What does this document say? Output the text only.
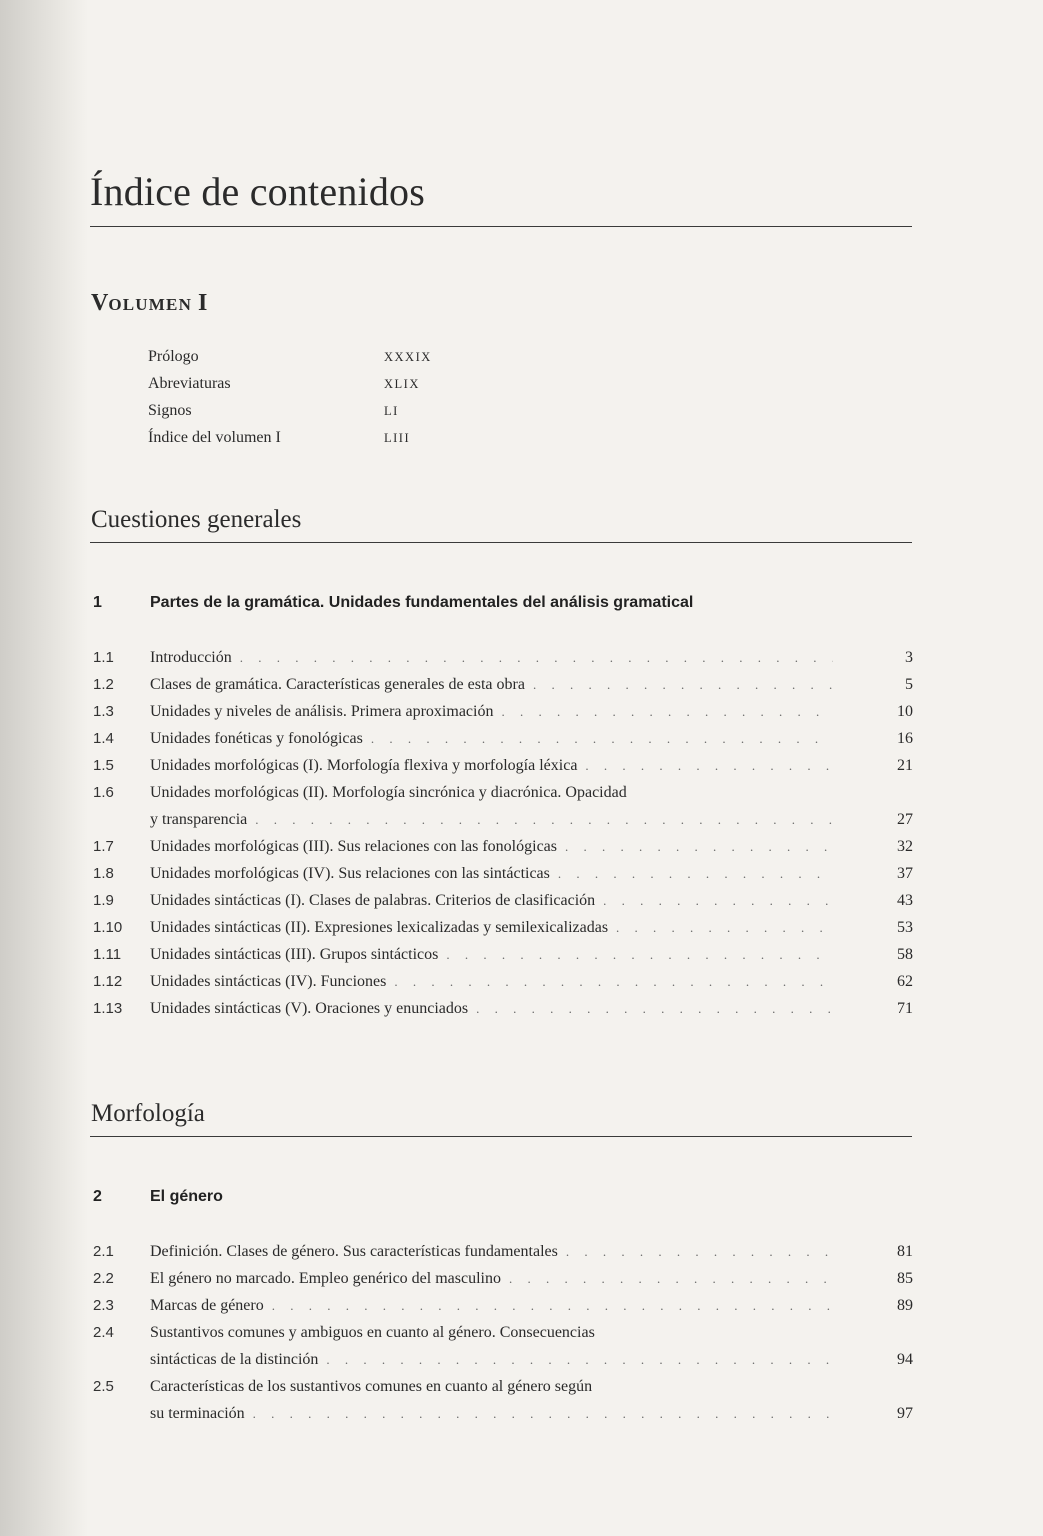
Índice de contenidos
VOLUMEN I
Prólogo	XXXIX
Abreviaturas	XLIX
Signos	LI
Índice del volumen I	LIII
Cuestiones generales
1	Partes de la gramática. Unidades fundamentales del análisis gramatical
1.1 Introducción . . .	3
1.2 Clases de gramática. Características generales de esta obra . . .	5
1.3 Unidades y niveles de análisis. Primera aproximación . . .	10
1.4 Unidades fonéticas y fonológicas . . .	16
1.5 Unidades morfológicas (I). Morfología flexiva y morfología léxica . . .	21
1.6 Unidades morfológicas (II). Morfología sincrónica y diacrónica. Opacidad
y transparencia . . .	27
1.7 Unidades morfológicas (III). Sus relaciones con las fonológicas . . .	32
1.8 Unidades morfológicas (IV). Sus relaciones con las sintácticas . . .	37
1.9 Unidades sintácticas (I). Clases de palabras. Criterios de clasificación . . .	43
1.10 Unidades sintácticas (II). Expresiones lexicalizadas y semilexicalizadas . . .	53
1.11 Unidades sintácticas (III). Grupos sintácticos . . .	58
1.12 Unidades sintácticas (IV). Funciones . . .	62
1.13 Unidades sintácticas (V). Oraciones y enunciados . . .	71
Morfología
2	El género
2.1 Definición. Clases de género. Sus características fundamentales . . .	81
2.2 El género no marcado. Empleo genérico del masculino . . .	85
2.3 Marcas de género . . .	89
2.4 Sustantivos comunes y ambiguos en cuanto al género. Consecuencias
sintácticas de la distinción . . .	94
2.5 Características de los sustantivos comunes en cuanto al género según
su terminación . . .	97
